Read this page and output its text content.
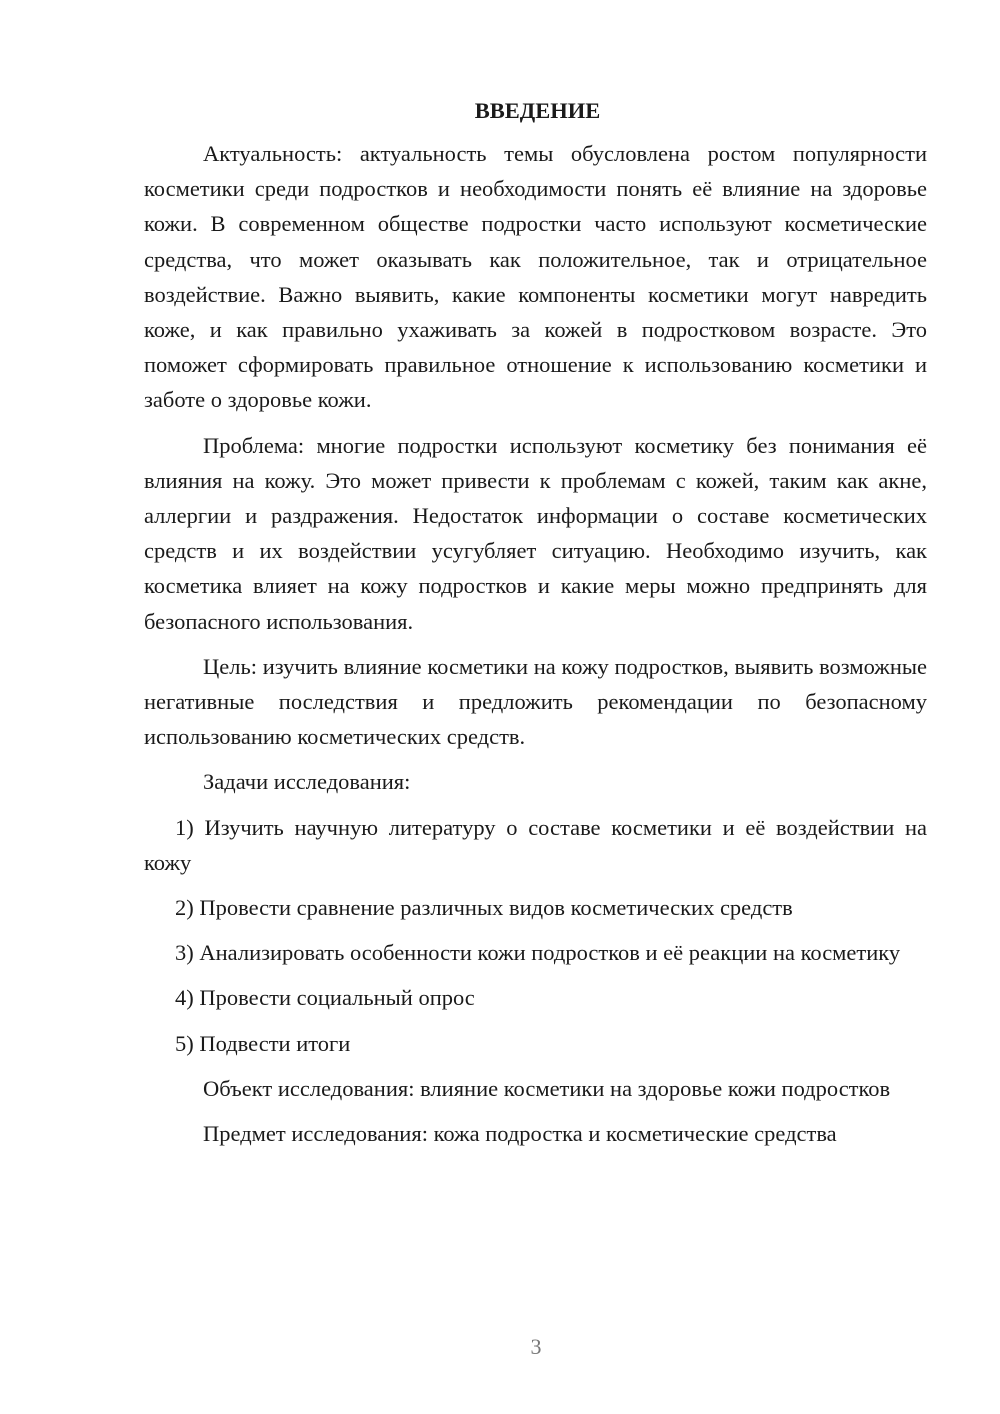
ВВЕДЕНИЕ

Актуальность: актуальность темы обусловлена ростом популярности косметики среди подростков и необходимости понять её влияние на здоровье кожи. В современном обществе подростки часто используют косметические средства, что может оказывать как положительное, так и отрицательное воздействие. Важно выявить, какие компоненты косметики могут навредить коже, и как правильно ухаживать за кожей в подростковом возрасте. Это поможет сформировать правильное отношение к использованию косметики и заботе о здоровье кожи.

Проблема: многие подростки используют косметику без понимания её влияния на кожу. Это может привести к проблемам с кожей, таким как акне, аллергии и раздражения. Недостаток информации о составе косметических средств и их воздействии усугубляет ситуацию. Необходимо изучить, как косметика влияет на кожу подростков и какие меры можно предпринять для безопасного использования.

Цель: изучить влияние косметики на кожу подростков, выявить возможные негативные последствия и предложить рекомендации по безопасному использованию косметических средств.

Задачи исследования:

1) Изучить научную литературу о составе косметики и её воздействии на кожу

2) Провести сравнение различных видов косметических средств

3) Анализировать особенности кожи подростков и её реакции на косметику

4) Провести социальный опрос

5) Подвести итоги

Объект исследования: влияние косметики на здоровье кожи подростков

Предмет исследования: кожа подростка и косметические средства

3
